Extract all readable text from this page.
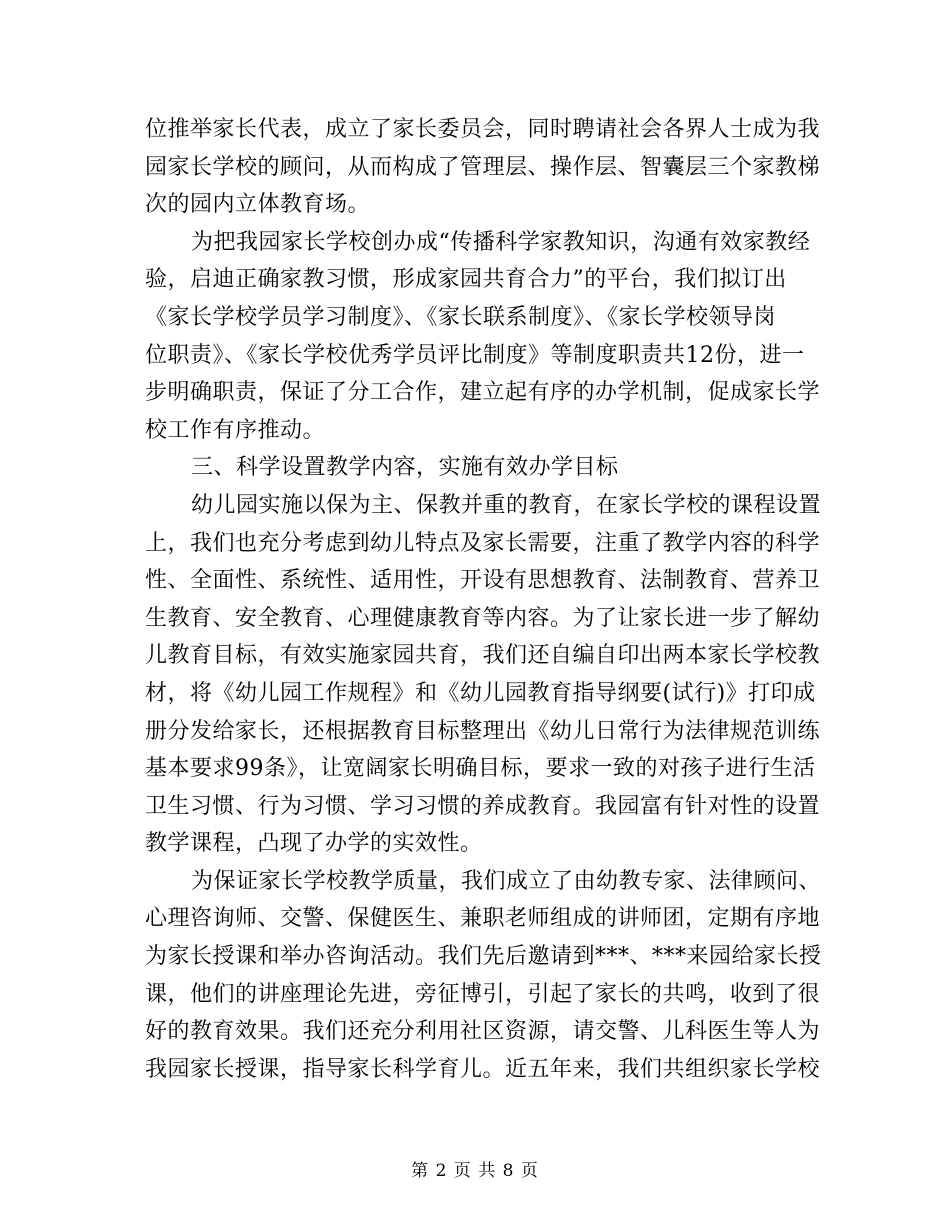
位推举家长代表，成立了家长委员会，同时聘请社会各界人士成为我
园家长学校的顾问，从而构成了管理层、操作层、智囊层三个家教梯
次的园内立体教育场。
为把我园家长学校创办成“传播科学家教知识，沟通有效家教经
验，启迪正确家教习惯，形成家园共育合力”的平台，我们拟订出
《家长学校学员学习制度》、《家长联系制度》、《家长学校领导岗
位职责》、《家长学校优秀学员评比制度》等制度职责共12份，进一
步明确职责，保证了分工合作，建立起有序的办学机制，促成家长学
校工作有序推动。
三、科学设置教学内容，实施有效办学目标
幼儿园实施以保为主、保教并重的教育，在家长学校的课程设置
上，我们也充分考虑到幼儿特点及家长需要，注重了教学内容的科学
性、全面性、系统性、适用性，开设有思想教育、法制教育、营养卫
生教育、安全教育、心理健康教育等内容。为了让家长进一步了解幼
儿教育目标，有效实施家园共育，我们还自编自印出两本家长学校教
材，将《幼儿园工作规程》和《幼儿园教育指导纲要(试行)》打印成
册分发给家长，还根据教育目标整理出《幼儿日常行为法律规范训练
基本要求99条》，让宽阔家长明确目标，要求一致的对孩子进行生活
卫生习惯、行为习惯、学习习惯的养成教育。我园富有针对性的设置
教学课程，凸现了办学的实效性。
为保证家长学校教学质量，我们成立了由幼教专家、法律顾问、
心理咨询师、交警、保健医生、兼职老师组成的讲师团，定期有序地
为家长授课和举办咨询活动。我们先后邀请到***、***来园给家长授
课，他们的讲座理论先进，旁征博引，引起了家长的共鸣，收到了很
好的教育效果。我们还充分利用社区资源，请交警、儿科医生等人为
我园家长授课，指导家长科学育儿。近五年来，我们共组织家长学校
第 2 页 共 8 页
